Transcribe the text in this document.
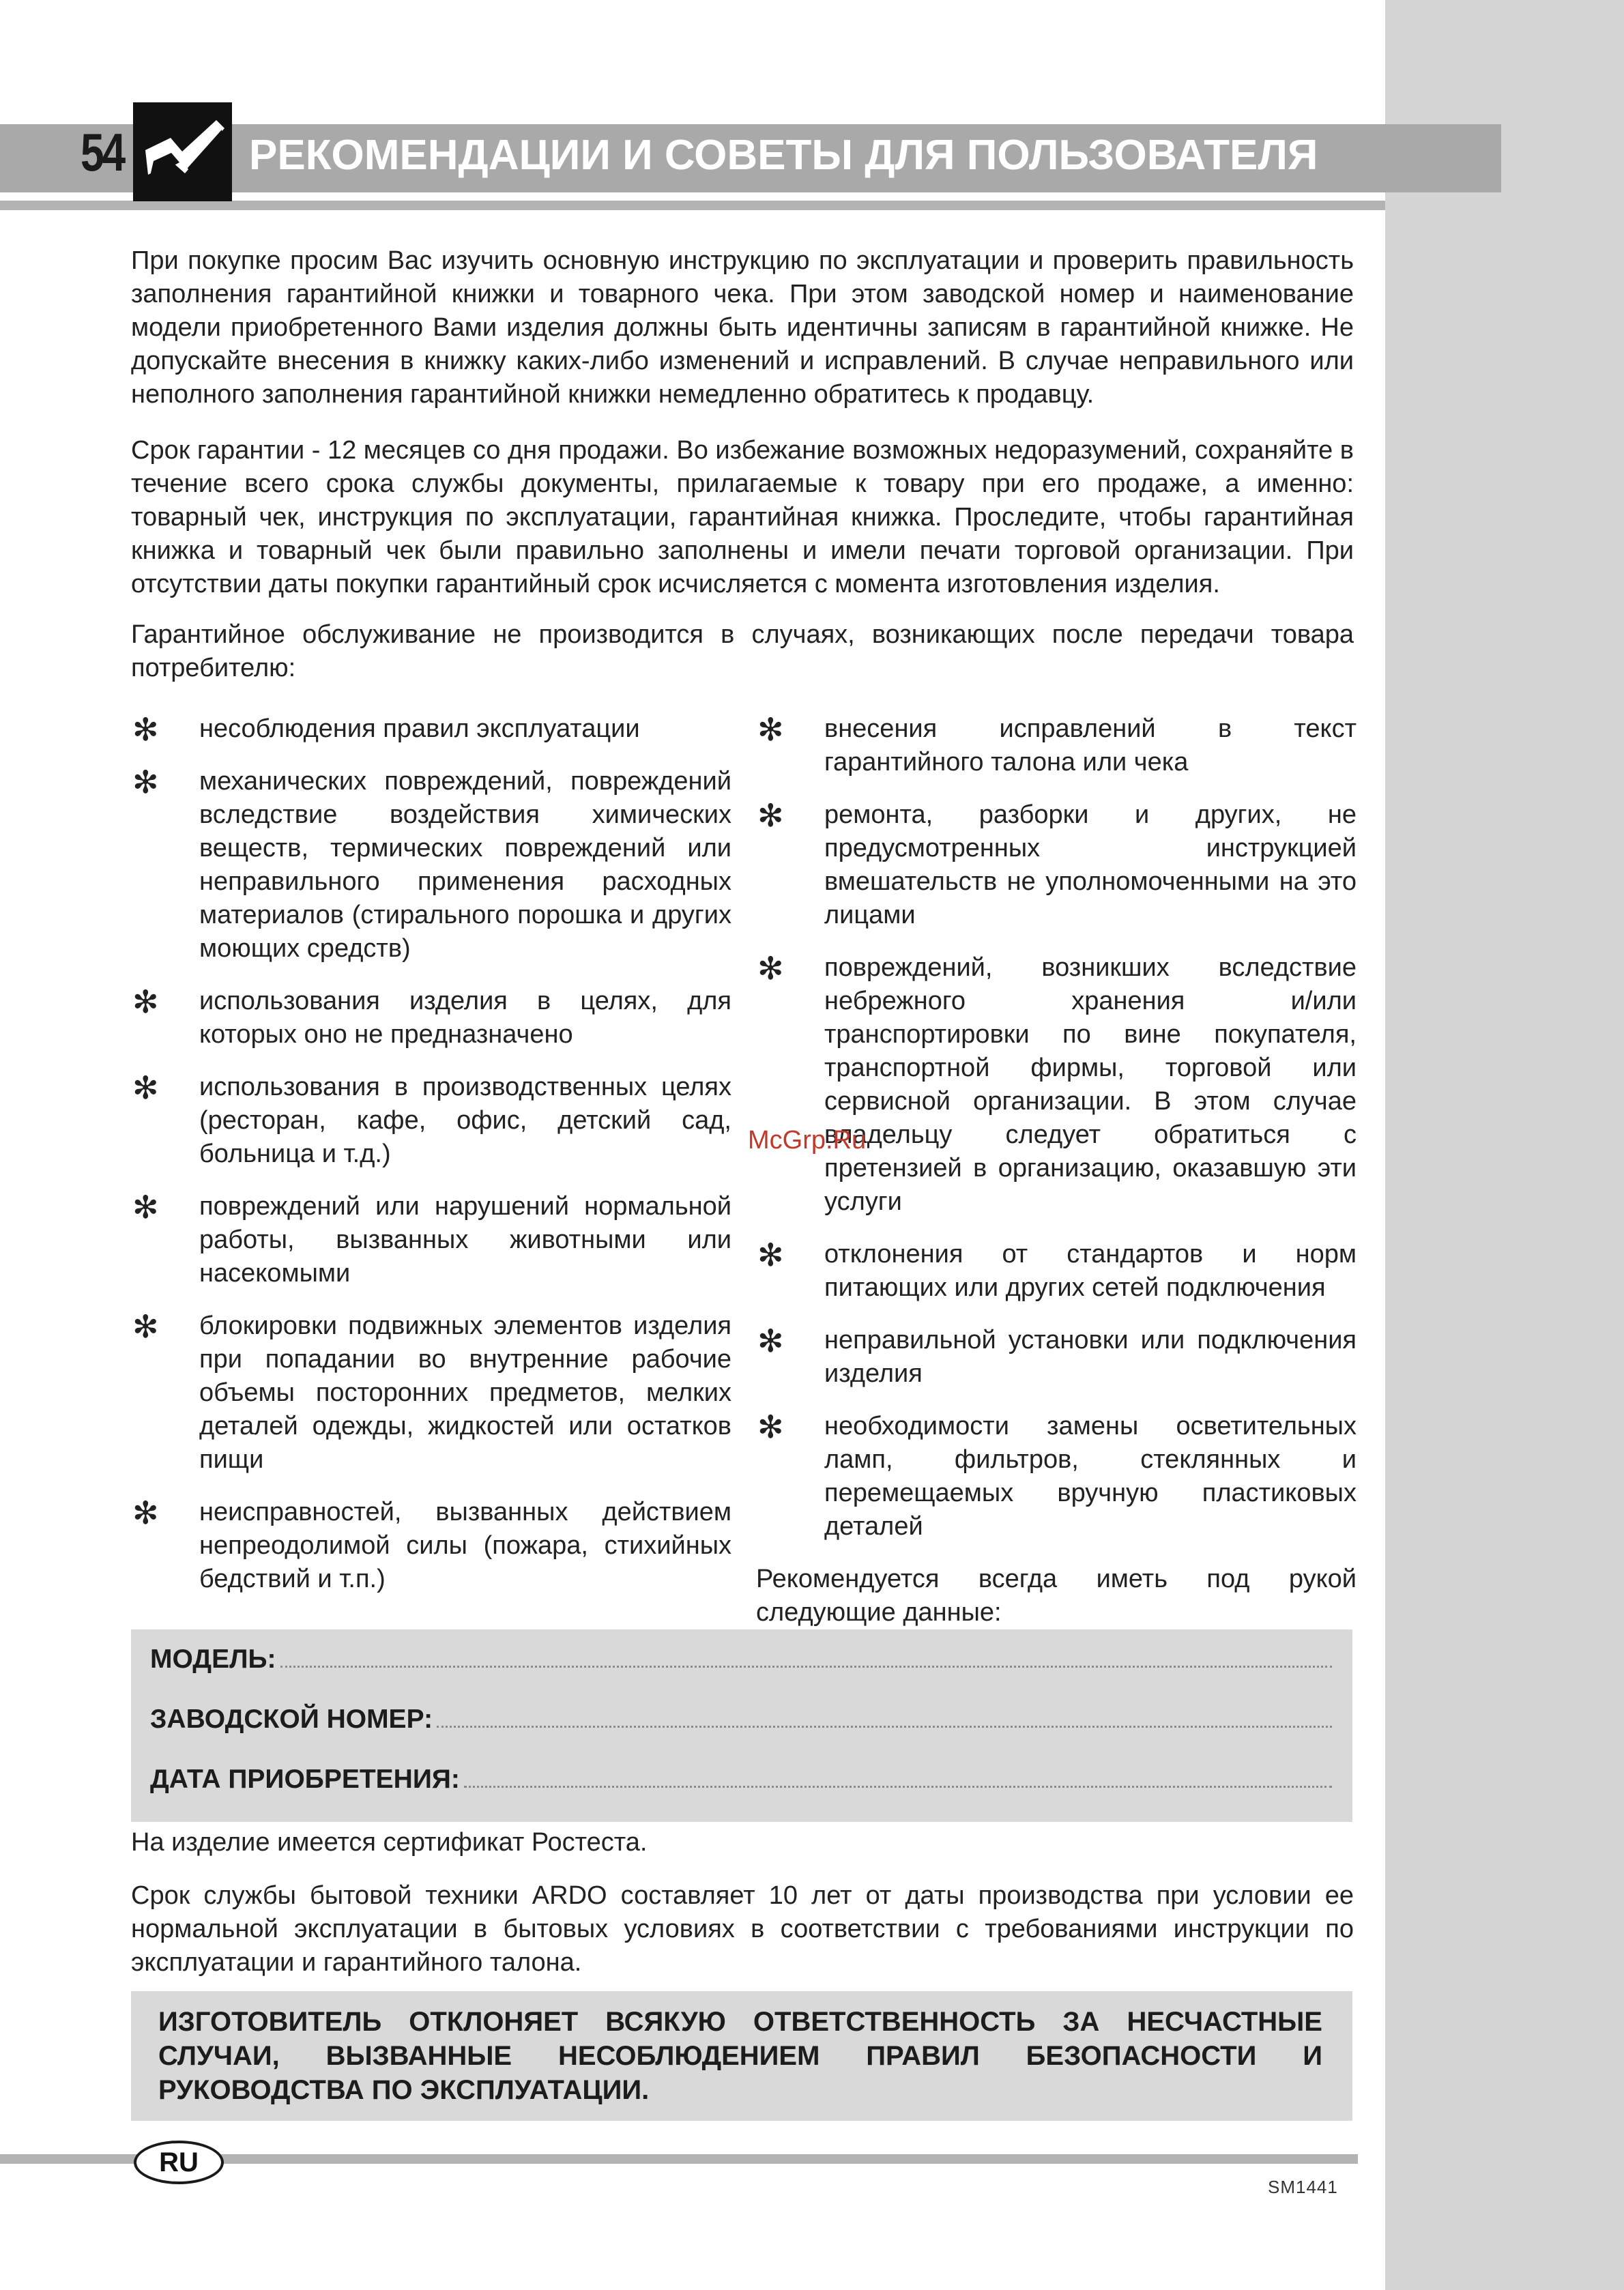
54	РЕКОМЕНДАЦИИ И СОВЕТЫ ДЛЯ ПОЛЬЗОВАТЕЛЯ

При покупке просим Вас изучить основную инструкцию по эксплуатации и проверить правильность заполнения гарантийной книжки и товарного чека. При этом заводской номер и наименование модели приобретенного Вами изделия должны быть идентичны записям в гарантийной книжке. Не допускайте внесения в книжку каких-либо изменений и исправлений. В случае неправильного или неполного заполнения гарантийной книжки немедленно обратитесь к продавцу.

Срок гарантии - 12 месяцев со дня продажи. Во избежание возможных недоразумений, сохраняйте в течение всего срока службы документы, прилагаемые к товару при его продаже, а именно: товарный чек, инструкция по эксплуатации, гарантийная книжка. Проследите, чтобы гарантийная книжка и товарный чек были правильно заполнены и имели печати торговой организации. При отсутствии даты покупки гарантийный срок исчисляется с момента изготовления изделия.

Гарантийное обслуживание не производится в случаях, возникающих после передачи товара потребителю:

✻ несоблюдения правил эксплуатации
✻ механических повреждений, повреждений вследствие воздействия химических веществ, термических повреждений или неправильного применения расходных материалов (стирального порошка и других моющих средств)
✻ использования изделия в целях, для которых оно не предназначено
✻ использования в производственных целях (ресторан, кафе, офис, детский сад, больница и т.д.)
✻ повреждений или нарушений нормальной работы, вызванных животными или насекомыми
✻ блокировки подвижных элементов изделия при попадании во внутренние рабочие объемы посторонних предметов, мелких деталей одежды, жидкостей или остатков пищи
✻ неисправностей, вызванных действием непреодолимой силы (пожара, стихийных бедствий и т.п.)
✻ внесения исправлений в текст гарантийного талона или чека
✻ ремонта, разборки и других, не предусмотренных инструкцией вмешательств не уполномоченными на это лицами
✻ повреждений, возникших вследствие небрежного хранения и/или транспортировки по вине покупателя, транспортной фирмы, торговой или сервисной организации. В этом случае владельцу следует обратиться с претензией в организацию, оказавшую эти услуги
✻ отклонения от стандартов и норм питающих или других сетей подключения
✻ неправильной установки или подключения изделия
✻ необходимости замены осветительных ламп, фильтров, стеклянных и перемещаемых вручную пластиковых деталей

Рекомендуется всегда иметь под рукой следующие данные:

McGrp.Ru
МОДЕЛЬ:
ЗАВОДСКОЙ НОМЕР:
ДАТА ПРИОБРЕТЕНИЯ:

На изделие имеется сертификат Ростеста.

Срок службы бытовой техники ARDO составляет 10 лет от даты производства при условии ее нормальной эксплуатации в бытовых условиях в соответствии с требованиями инструкции по эксплуатации и гарантийного талона.

ИЗГОТОВИТЕЛЬ ОТКЛОНЯЕТ ВСЯКУЮ ОТВЕТСТВЕННОСТЬ ЗА НЕСЧАСТНЫЕ СЛУЧАИ, ВЫЗВАННЫЕ НЕСОБЛЮДЕНИЕМ ПРАВИЛ БЕЗОПАСНОСТИ И РУКОВОДСТВА ПО ЭКСПЛУАТАЦИИ.
RU
SM1441
